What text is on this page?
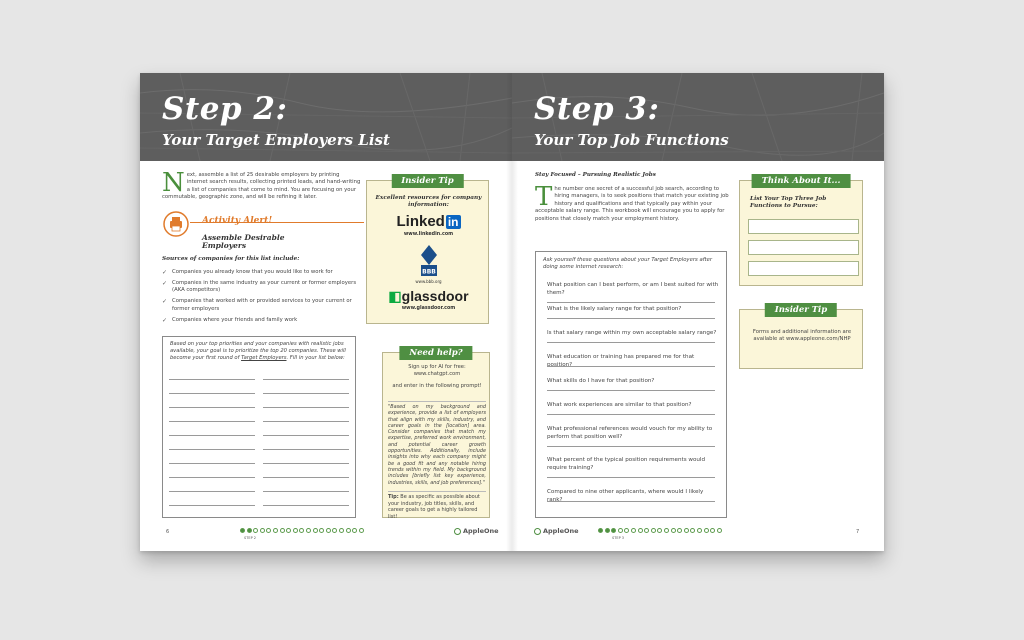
Step 2:
Your Target Employers List
Next, assemble a list of 25 desirable employers by printing internet search results, collecting printed leads, and hand-writing a list of companies that come to mind. You are focusing on your commutable, geographic zone, and will be refining it later.
Activity Alert!
Assemble Desirable Employers
Sources of companies for this list include:
✓ Companies you already know that you would like to work for
✓ Companies in the same industry as your current or former employers (AKA competitors)
✓ Companies that worked with or provided services to your current or former employers
✓ Companies where your friends and family work
Based on your top priorities and your companies with realistic jobs available, your goal is to prioritize the top 20 companies. These will become your first round of Target Employers. Fill in your list below:
Insider Tip
Excellent resources for company information:
Linked in
www.linkedin.com
BBB
www.bbb.org
◧glassdoor
www.glassdoor.com
Need help?
Sign up for AI for free:
www.chatgpt.com
and enter in the following prompt!
"Based on my background and experience, provide a list of employers that align with my skills, industry, and career goals in the [location] area. Consider companies that match my expertise, preferred work environment, and potential career growth opportunities. Additionally, include insights into why each company might be a good fit and any notable hiring trends within my field. My background includes [briefly list key experience, industries, skills, and job preferences]."
Tip: Be as specific as possible about your industry, job titles, skills, and career goals to get a highly tailored list!
6
STEP 2
AppleOne
Step 3:
Your Top Job Functions
Stay Focused – Pursuing Realistic Jobs
The number one secret of a successful job search, according to hiring managers, is to seek positions that match your existing job history and qualifications and that typically pay within your acceptable salary range. This workbook will encourage you to apply for positions that closely match your employment history.
Ask yourself these questions about your Target Employers after doing some internet research:
What position can I best perform, or am I best suited for with them?
What is the likely salary range for that position?
Is that salary range within my own acceptable salary range?
What education or training has prepared me for that position?
What skills do I have for that position?
What work experiences are similar to that position?
What professional references would vouch for my ability to perform that position well?
What percent of the typical position requirements would require training?
Compared to nine other applicants, where would I likely rank?
Think About It...
List Your Top Three Job Functions to Pursue:
Insider Tip
Forms and additional information are available at www.appleone.com/NHP
AppleOne
STEP 3
7
